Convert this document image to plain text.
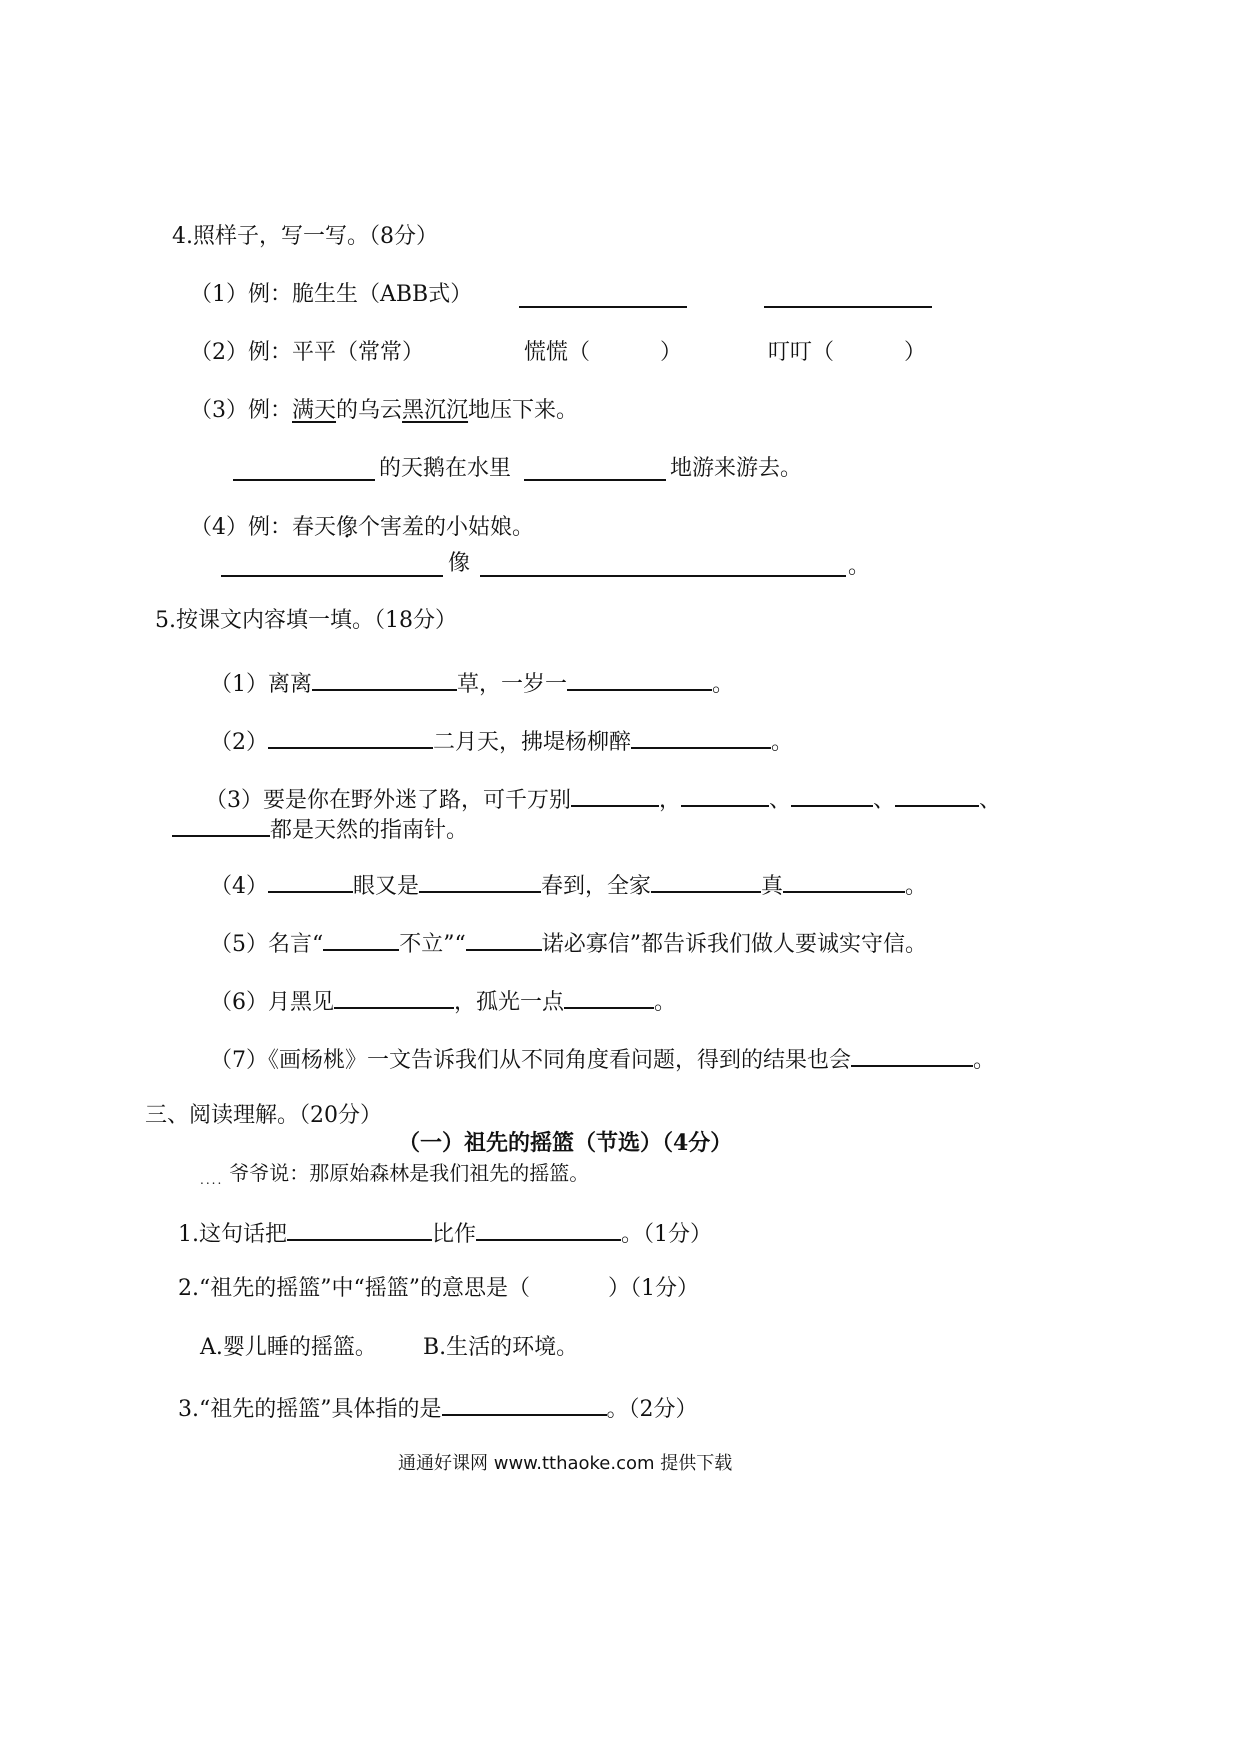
4.照样子，写一写。（8分）
（1）例：脆生生（ABB式）
（2）例：平平（常常）	慌慌（	）	叮叮（	）
（3）例：满天的乌云黑沉沉地压下来。
的天鹅在水里	地游来游去。
（4）例：春天像个害羞的小姑娘。
像	。
5.按课文内容填一填。（18分）
（1）离离	草，一岁一	。
（2）	二月天，拂堤杨柳醉	。
（3）要是你在野外迷了路，可千万别	，	、	、	、
都是天然的指南针。
（4）	眼又是	春到，全家	真	。
（5）名言“	不立”“	诺必寡信”都告诉我们做人要诚实守信。
（6）月黑见	，孤光一点	。
（7）《画杨桃》一文告诉我们从不同角度看问题，得到的结果也会	。
三、阅读理解。（20分）
（一）祖先的摇篮（节选）（4分）
$_{....}$ 爷爷说：那原始森林是我们祖先的摇篮。
1.这句话把	比作	。（1分）
2.“祖先的摇篮”中“摇篮”的意思是（	）（1分）
A.婴儿睡的摇篮。 B.生活的环境。
3.“祖先的摇篮”具体指的是	。（2分）
通通好课网 www.tthaoke.com 提供下载
